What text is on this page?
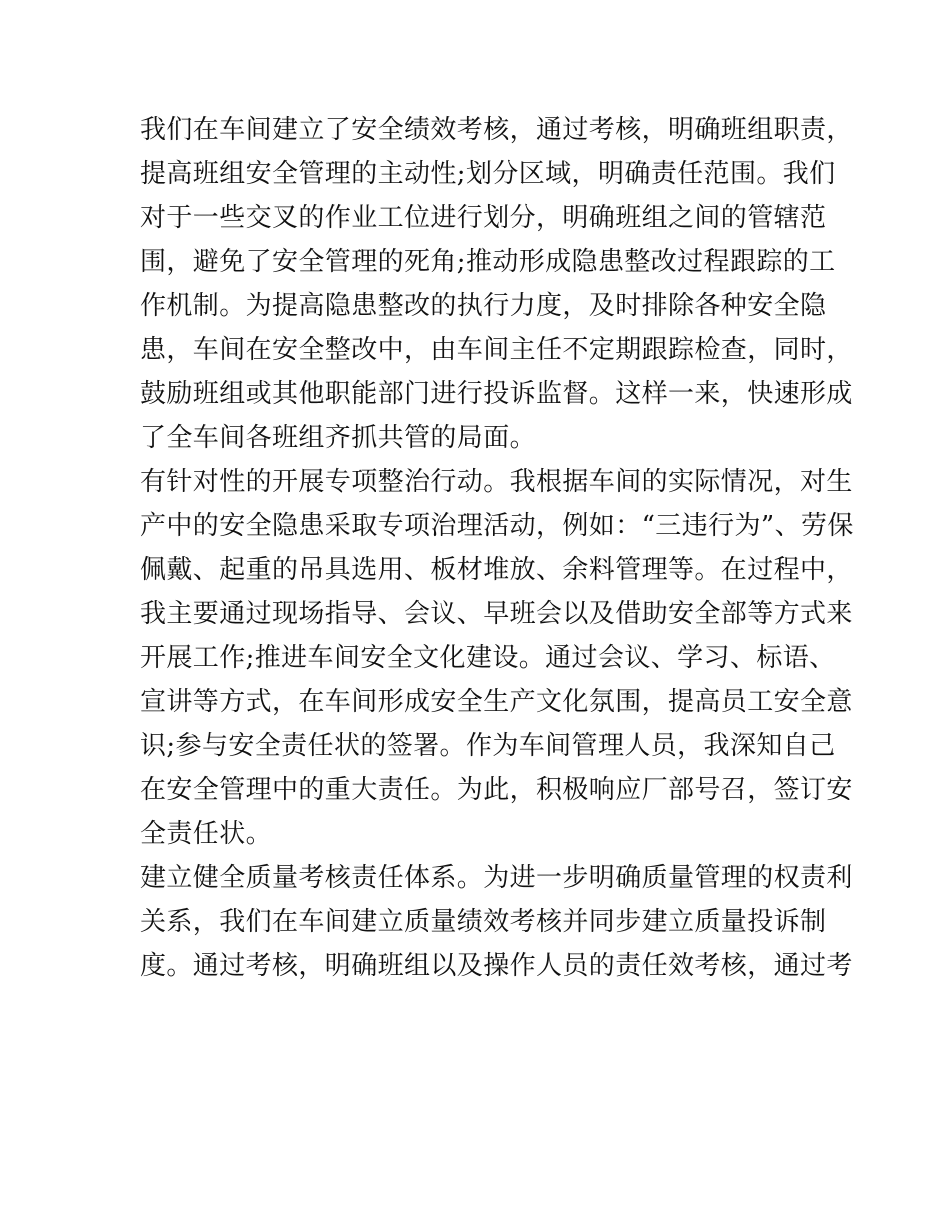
我们在车间建立了安全绩效考核，通过考核，明确班组职责，
提高班组安全管理的主动性;划分区域，明确责任范围。我们
对于一些交叉的作业工位进行划分，明确班组之间的管辖范
围，避免了安全管理的死角;推动形成隐患整改过程跟踪的工
作机制。为提高隐患整改的执行力度，及时排除各种安全隐
患，车间在安全整改中，由车间主任不定期跟踪检查，同时，
鼓励班组或其他职能部门进行投诉监督。这样一来，快速形成
了全车间各班组齐抓共管的局面。
有针对性的开展专项整治行动。我根据车间的实际情况，对生
产中的安全隐患采取专项治理活动，例如：“三违行为”、劳保
佩戴、起重的吊具选用、板材堆放、余料管理等。在过程中，
我主要通过现场指导、会议、早班会以及借助安全部等方式来
开展工作;推进车间安全文化建设。通过会议、学习、标语、
宣讲等方式，在车间形成安全生产文化氛围，提高员工安全意
识;参与安全责任状的签署。作为车间管理人员，我深知自己
在安全管理中的重大责任。为此，积极响应厂部号召，签订安
全责任状。
建立健全质量考核责任体系。为进一步明确质量管理的权责利
关系，我们在车间建立质量绩效考核并同步建立质量投诉制
度。通过考核，明确班组以及操作人员的责任效考核，通过考
